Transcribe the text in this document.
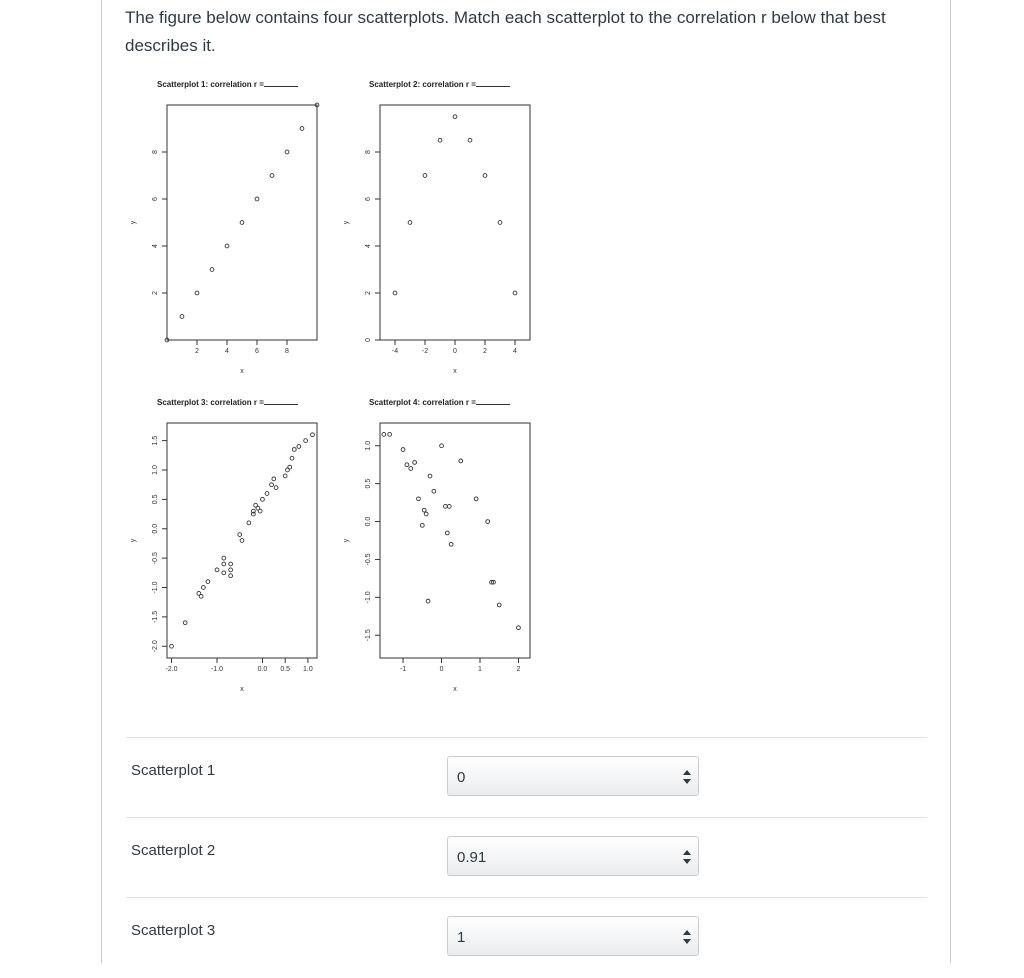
The figure below contains four scatterplots. Match each scatterplot to the correlation r below that best describes it.
Scatterplot 1: correlation r =	Scatterplot 2: correlation r =
Scatterplot 3: correlation r =	Scatterplot 4: correlation r =
2	4	6	8
2
4
6
8
x
y
-4	-2	0	2	4
0
2
4
6
8
x
y
-2.0	-1.0	0.0 0.5 1.0
-2.0
-1.5
-1.0
-0.5
0.0
0.5
1.0
1.5
x
y
-1	0	1	2
-1.5
-1.0
-0.5
0.0
0.5
1.0
x
y
Scatterplot 1	0
Scatterplot 2	0.91
Scatterplot 3	1
